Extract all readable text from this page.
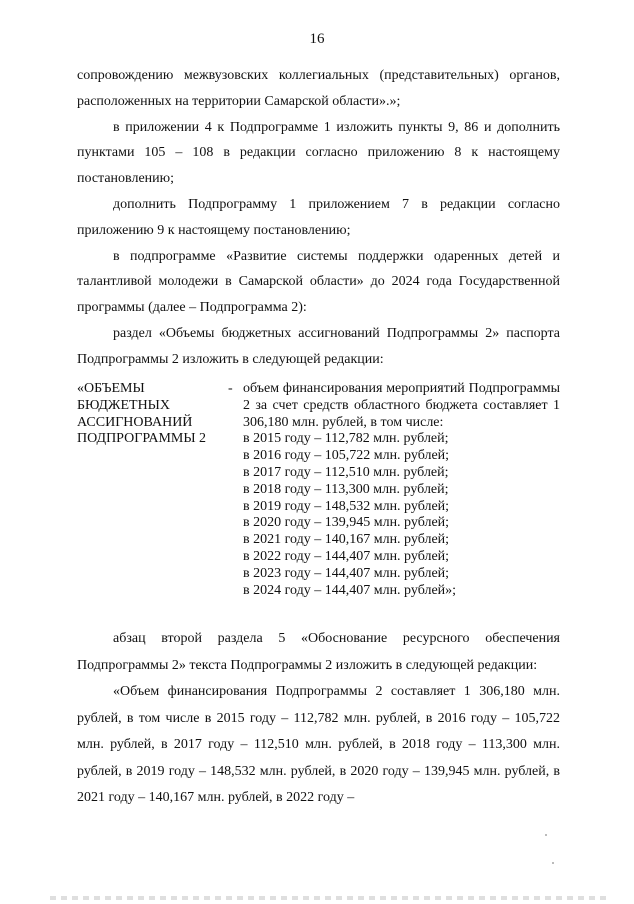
16

сопровождению межвузовских коллегиальных (представительных) органов, расположенных на территории Самарской области».»;

в приложении 4 к Подпрограмме 1 изложить пункты 9, 86 и дополнить пунктами 105 – 108 в редакции согласно приложению 8 к настоящему постановлению;

дополнить Подпрограмму 1 приложением 7 в редакции согласно приложению 9 к настоящему постановлению;

в подпрограмме «Развитие системы поддержки одаренных детей и талантливой молодежи в Самарской области» до 2024 года Государственной программы (далее – Подпрограмма 2):

раздел «Объемы бюджетных ассигнований Подпрограммы 2» паспорта Подпрограммы 2 изложить в следующей редакции:

«ОБЪЕМЫ
БЮДЖЕТНЫХ
АССИГНОВАНИЙ
ПОДПРОГРАММЫ 2
- объем финансирования мероприятий Подпрограммы 2 за счет средств областного бюджета составляет 1 306,180 млн. рублей, в том числе:
в 2015 году – 112,782 млн. рублей;
в 2016 году – 105,722 млн. рублей;
в 2017 году – 112,510 млн. рублей;
в 2018 году – 113,300 млн. рублей;
в 2019 году – 148,532 млн. рублей;
в 2020 году – 139,945 млн. рублей;
в 2021 году – 140,167 млн. рублей;
в 2022 году – 144,407 млн. рублей;
в 2023 году – 144,407 млн. рублей;
в 2024 году – 144,407 млн. рублей»;

абзац второй раздела 5 «Обоснование ресурсного обеспечения Подпрограммы 2» текста Подпрограммы 2 изложить в следующей редакции:

«Объем финансирования Подпрограммы 2 составляет 1 306,180 млн. рублей, в том числе в 2015 году – 112,782 млн. рублей, в 2016 году – 105,722 млн. рублей, в 2017 году – 112,510 млн. рублей, в 2018 году – 113,300 млн. рублей, в 2019 году – 148,532 млн. рублей, в 2020 году – 139,945 млн. рублей, в 2021 году – 140,167 млн. рублей, в 2022 году –
